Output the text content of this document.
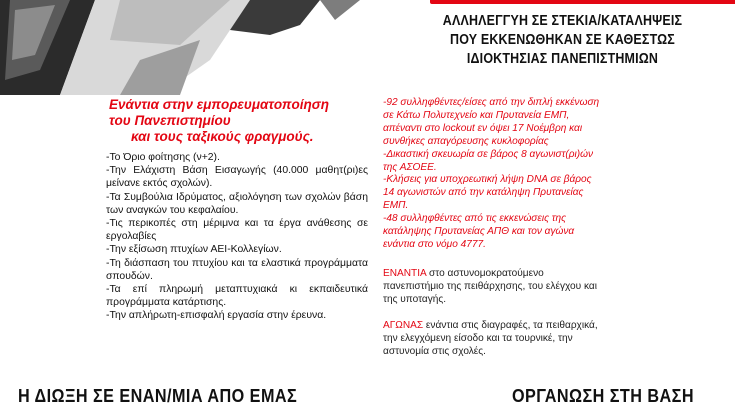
ΑΛΛΗΛΕΓΓΥΗ ΣΕ ΣΤΕΚΙΑ/ΚΑΤΑΛΗΨΕΙΣ
ΠΟΥ ΕΚΚΕΝΩΘΗΚΑΝ ΣΕ ΚΑΘΕΣΤΩΣ
ΙΔΙΟΚΤΗΣΙΑΣ ΠΑΝΕΠΙΣΤΗΜΙΩΝ
Ενάντια στην εμπορευματοποίηση
του Πανεπιστημίου
και τους ταξικούς φραγμούς.

-Το Όριο φοίτησης (ν+2).

-Την Ελάχιστη Βάση Εισαγωγής (40.000 μαθητ(ρι)ες μείνανε εκτός σχολών).

-Τα Συμβούλια Ιδρύματος, αξιολόγηση των σχολών βάση των αναγκών του κεφαλαίου.

-Τις περικοπές στη μέριμνα και τα έργα ανάθεσης σε εργολαβίες

-Την εξίσωση πτυχίων ΑΕΙ-Κολλεγίων.

-Τη διάσπαση του πτυχίου και τα ελαστικά προγράμματα σπουδών.

-Τα επί πληρωμή μεταπτυχιακά κι εκπαιδευτικά προγράμματα κατάρτισης.

-Την απλήρωτη-επισφαλή εργασία στην έρευνα.

-92 συλληφθέντες/είσες από την διπλή εκκένωση σε Κάτω Πολυτεχνείο και Πρυτανεία ΕΜΠ, απέναντι στο lockout εν όψει 17 Νοέμβρη και συνθήκες απαγόρευσης κυκλοφορίας

-Δικαστική σκευωρία σε βάρος 8 αγωνιστ(ρι)ών της ΑΣΟΕΕ.

-Κλήσεις για υποχρεωτική λήψη DNA σε βάρος 14 αγωνιστών από την κατάληψη Πρυτανείας ΕΜΠ.

-48 συλληφθέντες από τις εκκενώσεις της κατάληψης Πρυτανείας ΑΠΘ και τον αγώνα ενάντια στο νόμο 4777.

ΕΝΑΝΤΙΑ στο αστυνομοκρατούμενο πανεπιστήμιο της πειθάρχησης, του ελέγχου και της υποταγής.
ΑΓΩΝΑΣ ενάντια στις διαγραφές, τα πειθαρχικά, την ελεγχόμενη είσοδο και τα τουρνικέ, την αστυνομία στις σχολές.
Η ΔΙΩΞΗ ΣΕ ΕΝΑΝ/ΜΙΑ ΑΠΟ ΕΜΑΣ	ΟΡΓΑΝΩΣΗ ΣΤΗ ΒΑΣΗ
